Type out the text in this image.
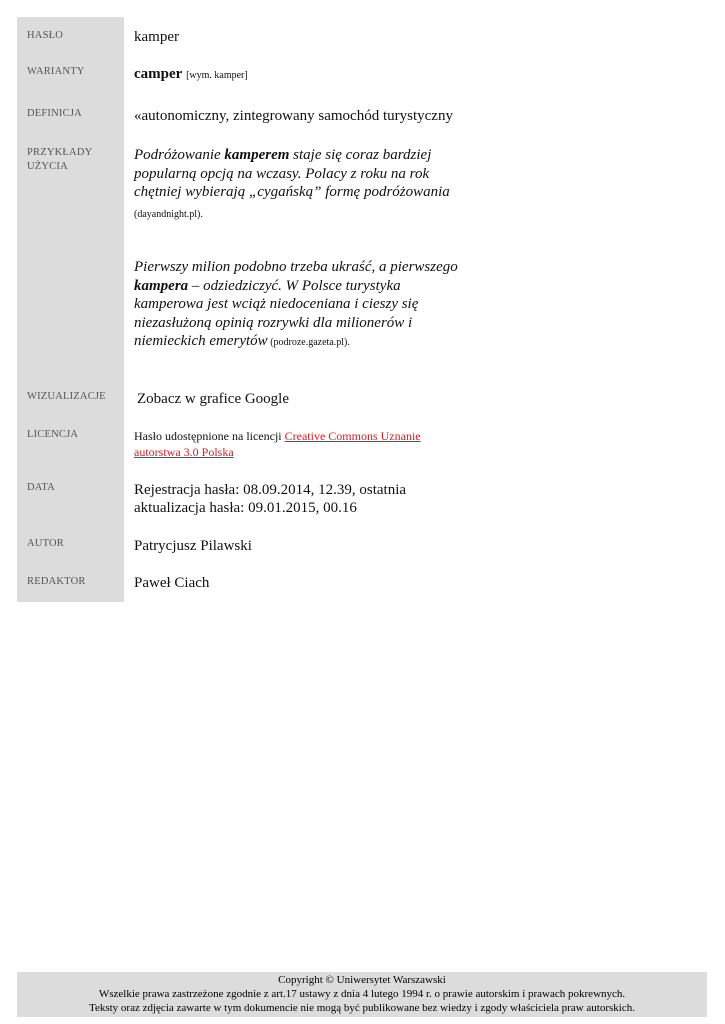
HASŁO
WARIANTY
DEFINICJA
PRZYKŁADY
UŻYCIA
WIZUALIZACJE
LICENCJA
DATA
AUTOR
REDAKTOR
kamper
camper [wym. kamper]
«autonomiczny, zintegrowany samochód turystyczny
Podróżowanie kamperem staje się coraz bardziej popularną opcją na wczasy. Polacy z roku na rok chętniej wybierają „cygańską” formę podróżowania (dayandnight.pl).
Pierwszy milion podobno trzeba ukraść, a pierwszego kampera – odziedziczyć. W Polsce turystyka kamperowa jest wciąż niedoceniana i cieszy się niezasłużoną opinią rozrywki dla milionerów i niemieckich emerytów (podroze.gazeta.pl).
Zobacz w grafice Google
Hasło udostępnione na licencji Creative Commons Uznanie autorstwa 3.0 Polska
Rejestracja hasła: 08.09.2014, 12.39, ostatnia
aktualizacja hasła: 09.01.2015, 00.16
Patrycjusz Pilawski
Paweł Ciach
Copyright © Uniwersytet Warszawski
Wszelkie prawa zastrzeżone zgodnie z art.17 ustawy z dnia 4 lutego 1994 r. o prawie autorskim i prawach pokrewnych.
Teksty oraz zdjęcia zawarte w tym dokumencie nie mogą być publikowane bez wiedzy i zgody właściciela praw autorskich.
